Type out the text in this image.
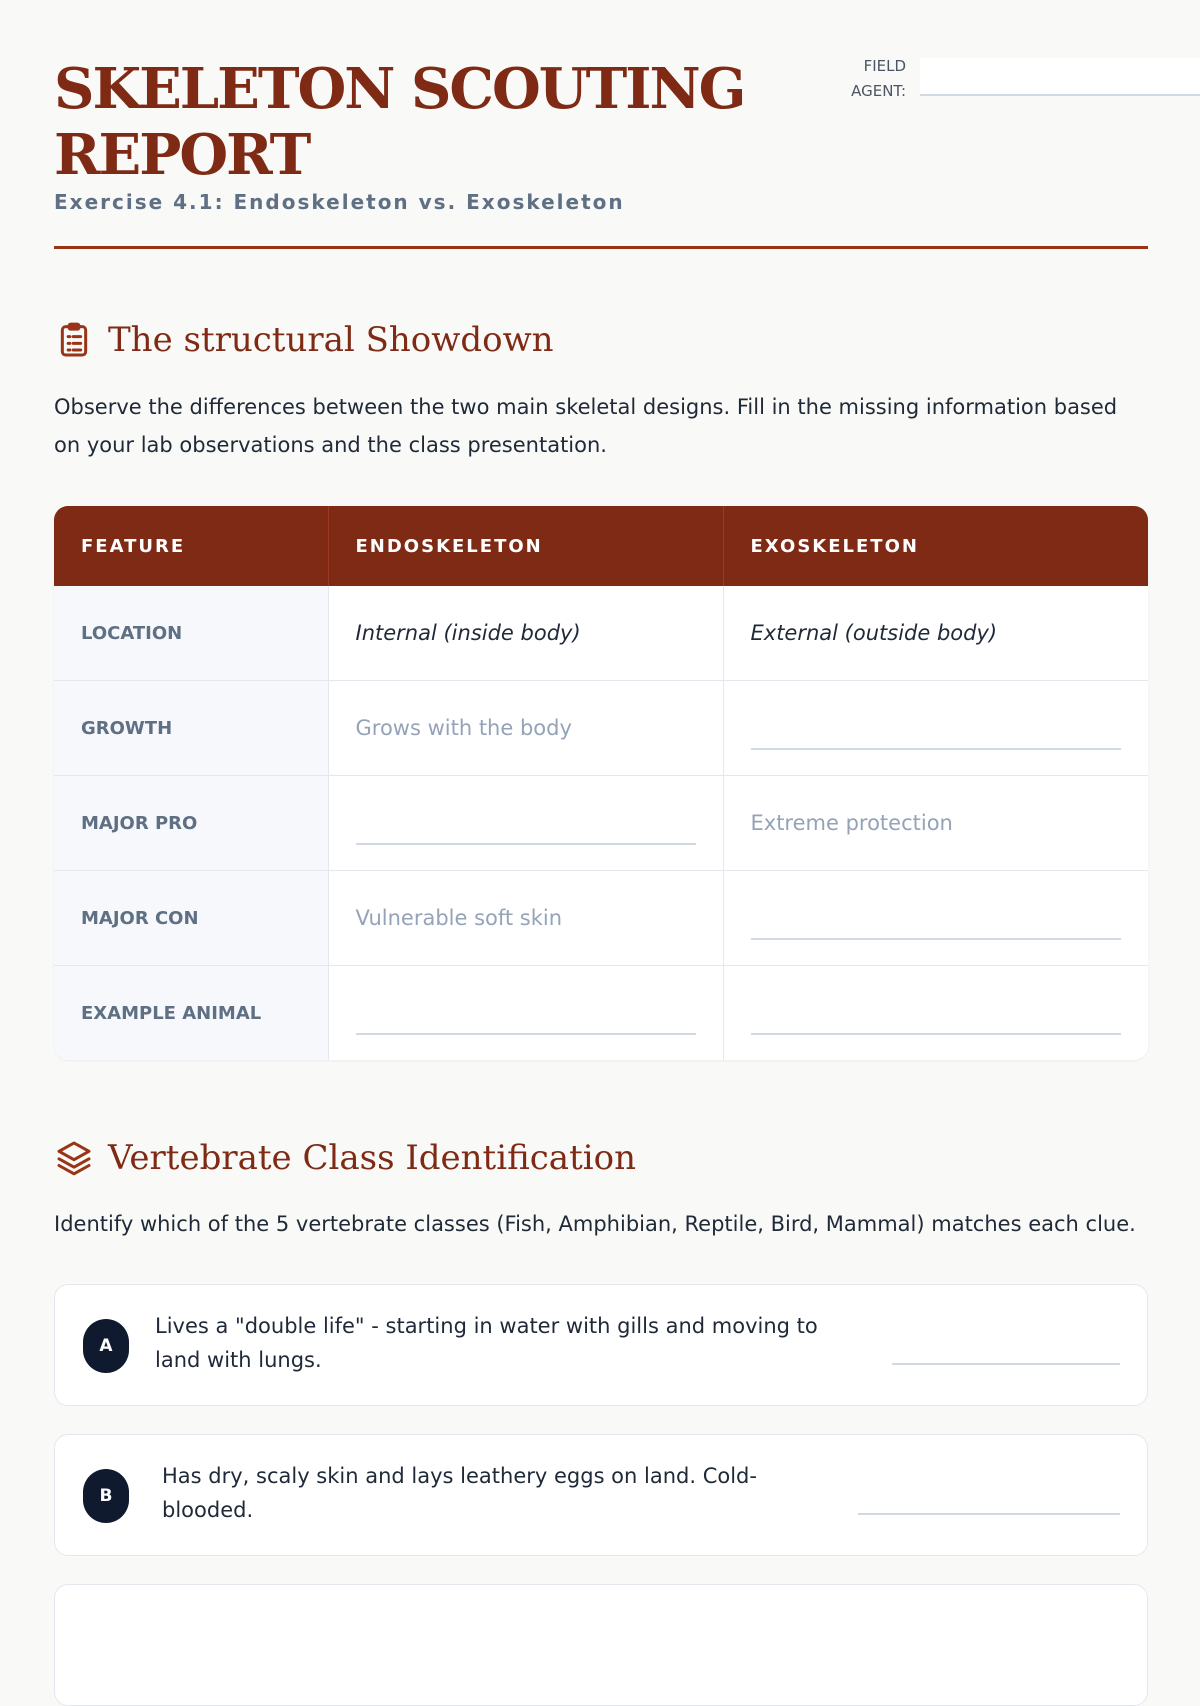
SKELETON SCOUTING REPORT
Exercise 4.1: Endoskeleton vs. Exoskeleton
FIELD
AGENT:
The structural Showdown

Observe the differences between the two main skeletal designs. Fill in the missing information based on your lab observations and the class presentation.

FEATURE	ENDOSKELETON	EXOSKELETON
LOCATION	Internal (inside body)	External (outside body)
GROWTH	Grows with the body	

MAJOR PRO		Extreme protection
MAJOR CON	Vulnerable soft skin	

EXAMPLE ANIMAL	

Vertebrate Class Identification

Identify which of the 5 vertebrate classes (Fish, Amphibian, Reptile, Bird, Mammal) matches each clue.

A
Lives a "double life" - starting in water with gills and moving to land with lungs.
B
Has dry, scaly skin and lays leathery eggs on land. Cold-blooded.
